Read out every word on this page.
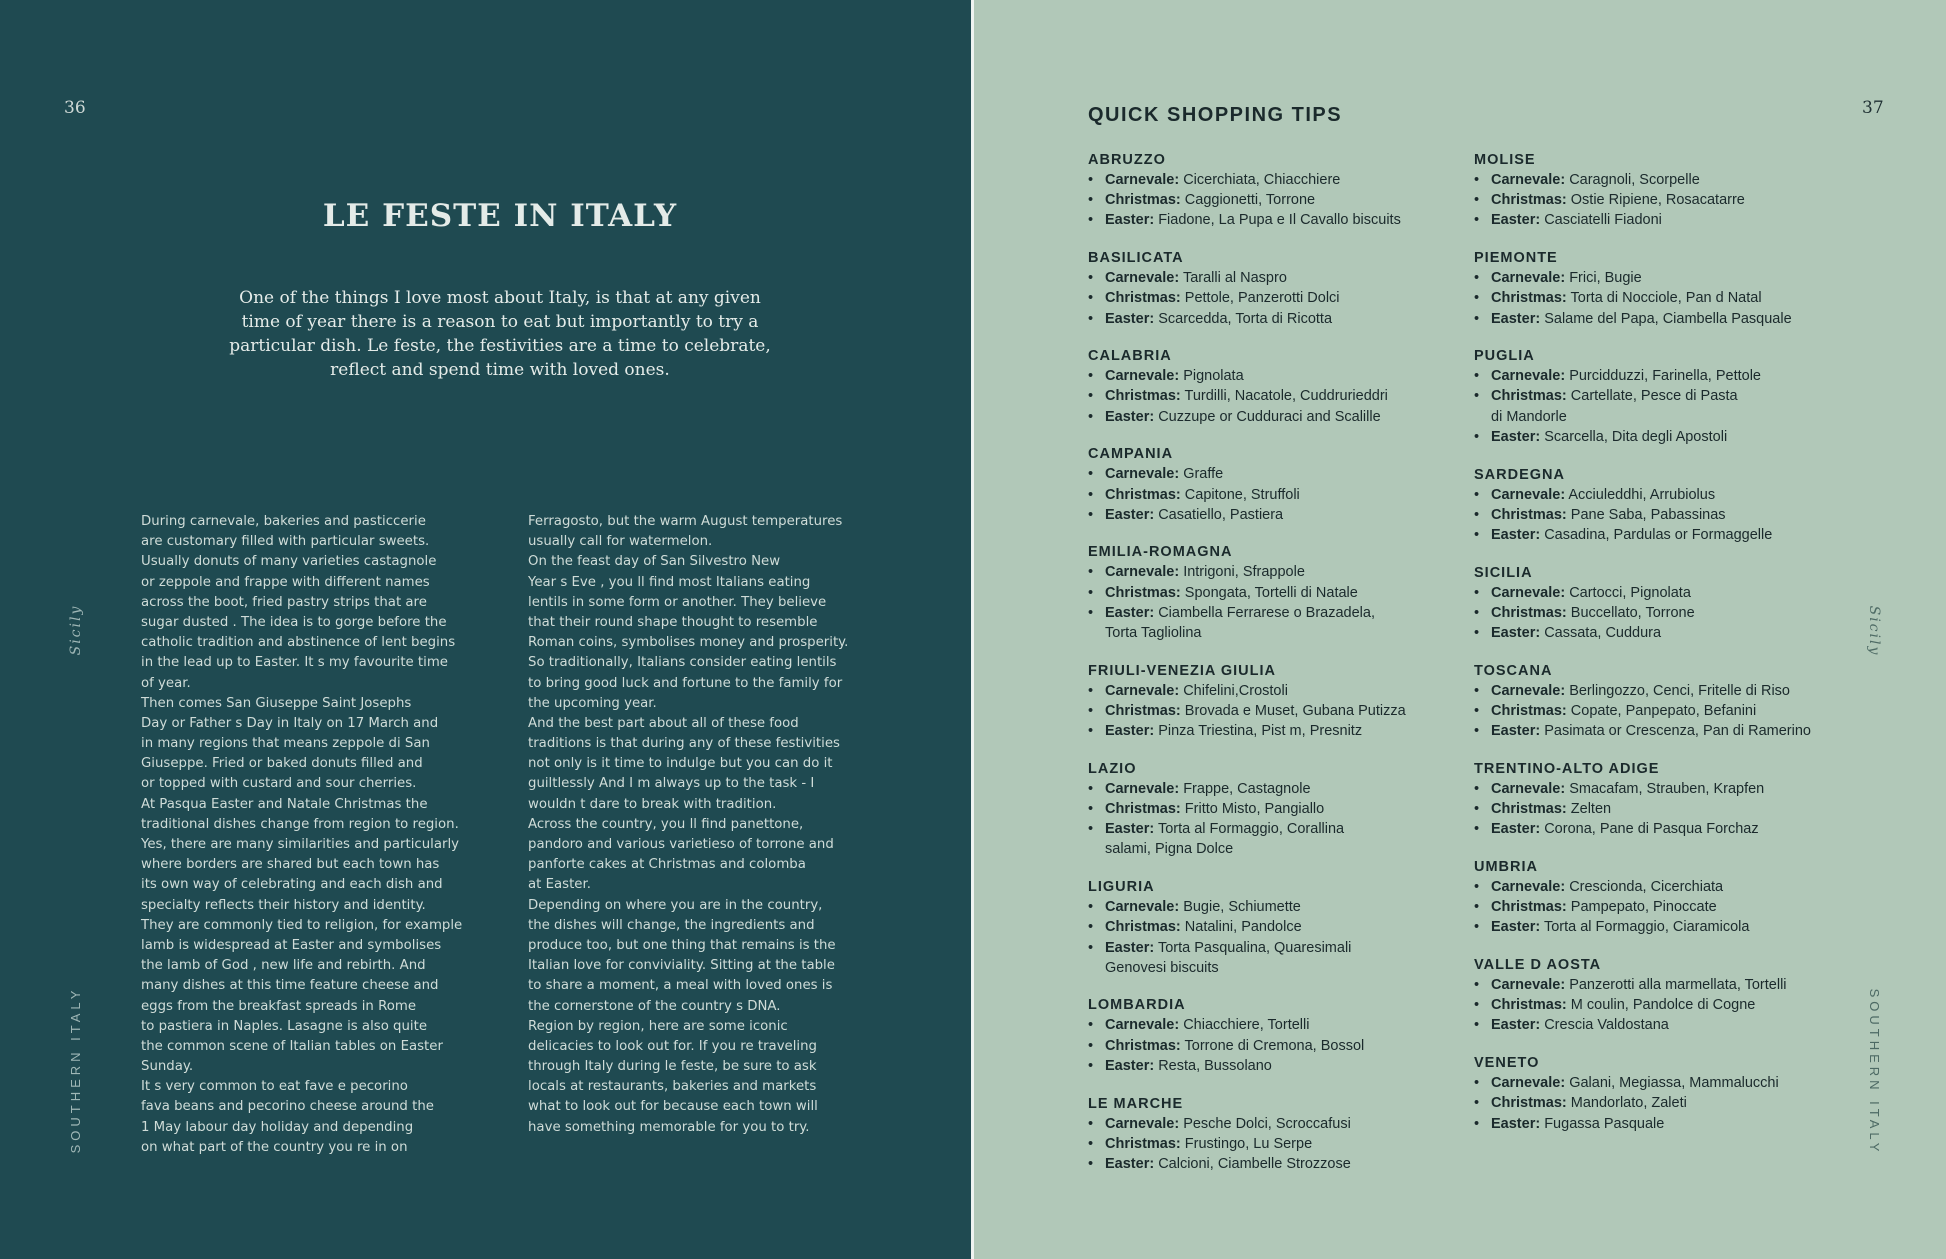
36
Sicily
SOUTHERN ITALY
LE FESTE IN ITALY
One of the things I love most about Italy, is that at any given
time of year there is a reason to eat but importantly to try a
particular dish. Le feste, the festivities are a time to celebrate,
reflect and spend time with loved ones.
During carnevale, bakeries and pasticcerie
are customary filled with particular sweets.
Usually donuts of many varieties castagnole
or zeppole and frappe with different names
across the boot, fried pastry strips that are
sugar dusted . The idea is to gorge before the
catholic tradition and abstinence of lent begins
in the lead up to Easter. It s my favourite time
of year.
Then comes San Giuseppe Saint Josephs
Day or Father s Day in Italy on 17 March and
in many regions that means zeppole di San
Giuseppe. Fried or baked donuts filled and
or topped with custard and sour cherries.
At Pasqua Easter and Natale Christmas the
traditional dishes change from region to region.
Yes, there are many similarities and particularly
where borders are shared but each town has
its own way of celebrating and each dish and
specialty reflects their history and identity.
They are commonly tied to religion, for example
lamb is widespread at Easter and symbolises
the lamb of God , new life and rebirth. And
many dishes at this time feature cheese and
eggs from the breakfast spreads in Rome
to pastiera in Naples. Lasagne is also quite
the common scene of Italian tables on Easter
Sunday.
It s very common to eat fave e pecorino
fava beans and pecorino cheese around the
1 May labour day holiday and depending
on what part of the country you re in on
Ferragosto, but the warm August temperatures
usually call for watermelon.
On the feast day of San Silvestro New
Year s Eve , you ll find most Italians eating
lentils in some form or another. They believe
that their round shape thought to resemble
Roman coins, symbolises money and prosperity.
So traditionally, Italians consider eating lentils
to bring good luck and fortune to the family for
the upcoming year.
And the best part about all of these food
traditions is that during any of these festivities
not only is it time to indulge but you can do it
guiltlessly And I m always up to the task - I
wouldn t dare to break with tradition.
Across the country, you ll find panettone,
pandoro and various varietieso of torrone and
panforte cakes at Christmas and colomba
at Easter.
Depending on where you are in the country,
the dishes will change, the ingredients and
produce too, but one thing that remains is the
Italian love for conviviality. Sitting at the table
to share a moment, a meal with loved ones is
the cornerstone of the country s DNA.
Region by region, here are some iconic
delicacies to look out for. If you re traveling
through Italy during le feste, be sure to ask
locals at restaurants, bakeries and markets
what to look out for because each town will
have something memorable for you to try.
37
Sicily
SOUTHERN ITALY
QUICK SHOPPING TIPS
ABRUZZO
• Carnevale: Cicerchiata, Chiacchiere
• Christmas: Caggionetti, Torrone
• Easter: Fiadone, La Pupa e Il Cavallo biscuits
BASILICATA
• Carnevale: Taralli al Naspro
• Christmas: Pettole, Panzerotti Dolci
• Easter: Scarcedda, Torta di Ricotta
CALABRIA
• Carnevale: Pignolata
• Christmas: Turdilli, Nacatole, Cuddrurieddri
• Easter: Cuzzupe or Cudduraci and Scalille
CAMPANIA
• Carnevale: Graffe
• Christmas: Capitone, Struffoli
• Easter: Casatiello, Pastiera
EMILIA-ROMAGNA
• Carnevale: Intrigoni, Sfrappole
• Christmas: Spongata, Tortelli di Natale
• Easter: Ciambella Ferrarese o Brazadela,
Torta Tagliolina
FRIULI-VENEZIA GIULIA
• Carnevale: Chifelini,Crostoli
• Christmas: Brovada e Muset, Gubana Putizza
• Easter: Pinza Triestina, Pist m, Presnitz
LAZIO
• Carnevale: Frappe, Castagnole
• Christmas: Fritto Misto, Pangiallo
• Easter: Torta al Formaggio, Corallina
salami, Pigna Dolce
LIGURIA
• Carnevale: Bugie, Schiumette
• Christmas: Natalini, Pandolce
• Easter: Torta Pasqualina, Quaresimali
Genovesi biscuits
LOMBARDIA
• Carnevale: Chiacchiere, Tortelli
• Christmas: Torrone di Cremona, Bossol
• Easter: Resta, Bussolano
LE MARCHE
• Carnevale: Pesche Dolci, Scroccafusi
• Christmas: Frustingo, Lu Serpe
• Easter: Calcioni, Ciambelle Strozzose
MOLISE
• Carnevale: Caragnoli, Scorpelle
• Christmas: Ostie Ripiene, Rosacatarre
• Easter: Casciatelli Fiadoni
PIEMONTE
• Carnevale: Frici, Bugie
• Christmas: Torta di Nocciole, Pan d Natal
• Easter: Salame del Papa, Ciambella Pasquale
PUGLIA
• Carnevale: Purcidduzzi, Farinella, Pettole
• Christmas: Cartellate, Pesce di Pasta
di Mandorle
• Easter: Scarcella, Dita degli Apostoli
SARDEGNA
• Carnevale: Acciuleddhi, Arrubiolus
• Christmas: Pane Saba, Pabassinas
• Easter: Casadina, Pardulas or Formaggelle
SICILIA
• Carnevale: Cartocci, Pignolata
• Christmas: Buccellato, Torrone
• Easter: Cassata, Cuddura
TOSCANA
• Carnevale: Berlingozzo, Cenci, Fritelle di Riso
• Christmas: Copate, Panpepato, Befanini
• Easter: Pasimata or Crescenza, Pan di Ramerino
TRENTINO-ALTO ADIGE
• Carnevale: Smacafam, Strauben, Krapfen
• Christmas: Zelten
• Easter: Corona, Pane di Pasqua Forchaz
UMBRIA
• Carnevale: Crescionda, Cicerchiata
• Christmas: Pampepato, Pinoccate
• Easter: Torta al Formaggio, Ciaramicola
VALLE D AOSTA
• Carnevale: Panzerotti alla marmellata, Tortelli
• Christmas: M coulin, Pandolce di Cogne
• Easter: Crescia Valdostana
VENETO
• Carnevale: Galani, Megiassa, Mammalucchi
• Christmas: Mandorlato, Zaleti
• Easter: Fugassa Pasquale
